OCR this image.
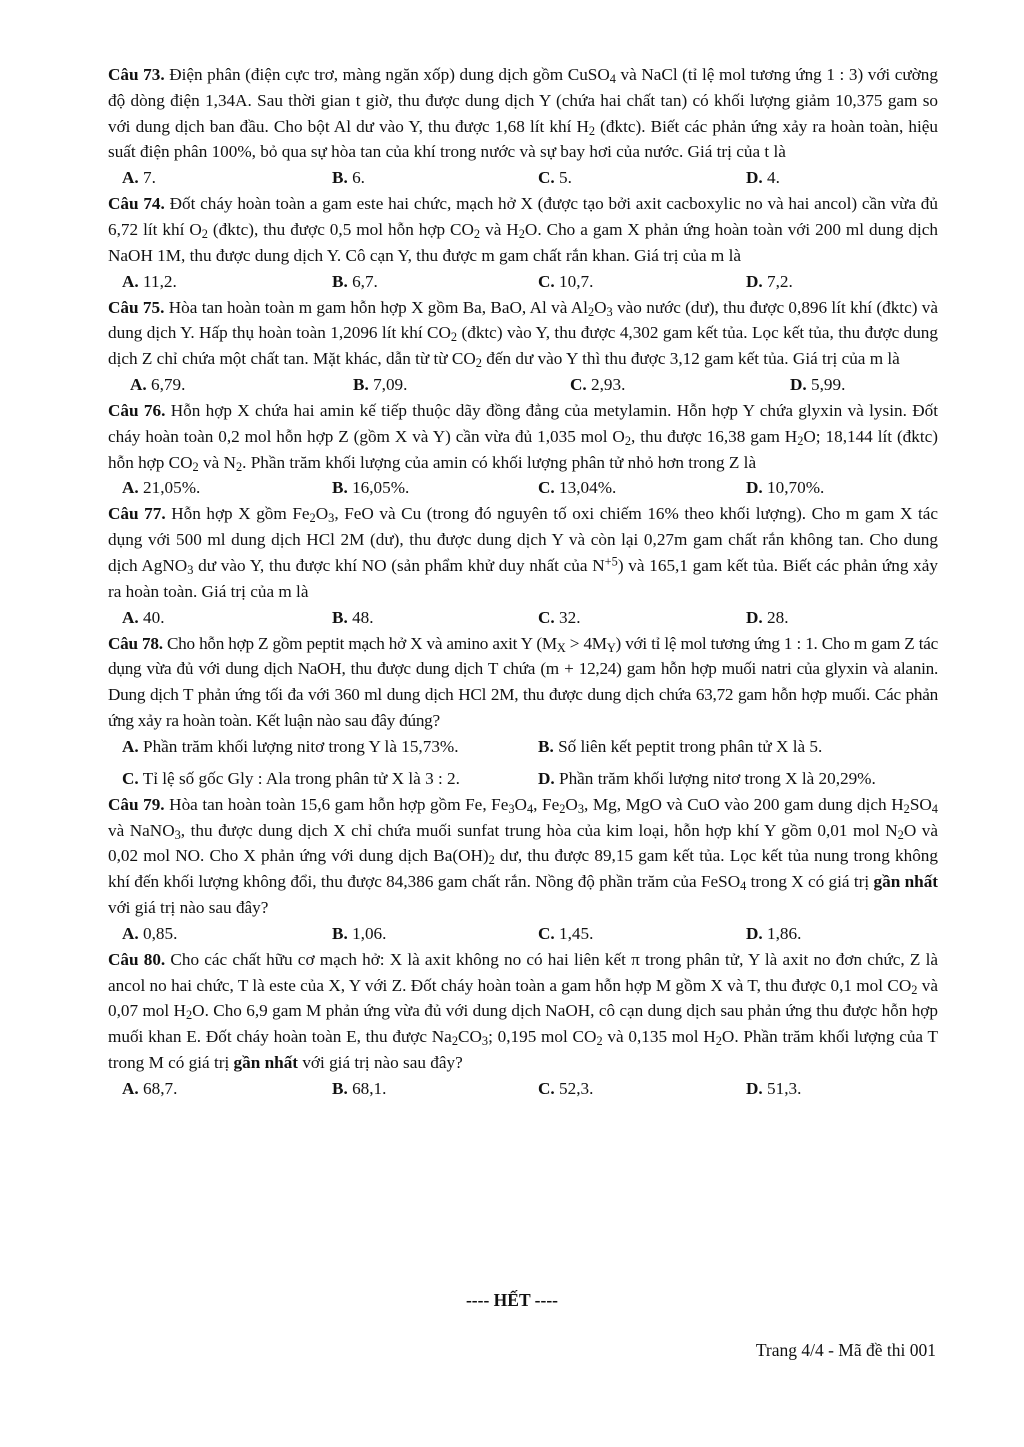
Câu 73. Điện phân (điện cực trơ, màng ngăn xốp) dung dịch gồm CuSO$_4$ và NaCl (tỉ lệ mol tương ứng 1 : 3) với cường độ dòng điện 1,34A. Sau thời gian t giờ, thu được dung dịch Y (chứa hai chất tan) có khối lượng giảm 10,375 gam so với dung dịch ban đầu. Cho bột Al dư vào Y, thu được 1,68 lít khí $H_2$ (đktc). Biết các phản ứng xảy ra hoàn toàn, hiệu suất điện phân 100%, bỏ qua sự hòa tan của khí trong nước và sự bay hơi của nước. Giá trị của t là

A. 7.	B. 6.	C. 5.	D. 4.

Câu 74. Đốt cháy hoàn toàn a gam este hai chức, mạch hở X (được tạo bởi axit cacboxylic no và hai ancol) cần vừa đủ 6,72 lít khí $O_2$ (đktc), thu được 0,5 mol hỗn hợp $CO_2$ và $H_2O$. Cho a gam X phản ứng hoàn toàn với 200 ml dung dịch NaOH 1M, thu được dung dịch Y. Cô cạn Y, thu được m gam chất rắn khan. Giá trị của m là

A. 11,2.	B. 6,7.	C. 10,7.	D. 7,2.

Câu 75. Hòa tan hoàn toàn m gam hỗn hợp X gồm Ba, BaO, Al và $Al_2O_3$ vào nước (dư), thu được 0,896 lít khí (đktc) và dung dịch Y. Hấp thụ hoàn toàn 1,2096 lít khí $CO_2$ (đktc) vào Y, thu được 4,302 gam kết tủa. Lọc kết tủa, thu được dung dịch Z chỉ chứa một chất tan. Mặt khác, dẫn từ từ $CO_2$ đến dư vào Y thì thu được 3,12 gam kết tủa. Giá trị của m là

A. 6,79.	B. 7,09.	C. 2,93.	D. 5,99.

Câu 76. Hỗn hợp X chứa hai amin kế tiếp thuộc dãy đồng đẳng của metylamin. Hỗn hợp Y chứa glyxin và lysin. Đốt cháy hoàn toàn 0,2 mol hỗn hợp Z (gồm X và Y) cần vừa đủ 1,035 mol $O_2$, thu được 16,38 gam $H_2O$; 18,144 lít (đktc) hỗn hợp $CO_2$ và $N_2$. Phần trăm khối lượng của amin có khối lượng phân tử nhỏ hơn trong Z là

A. 21,05%.	B. 16,05%.	C. 13,04%.	D. 10,70%.

Câu 77. Hỗn hợp X gồm $Fe_2O_3$, FeO và Cu (trong đó nguyên tố oxi chiếm 16% theo khối lượng). Cho m gam X tác dụng với 500 ml dung dịch HCl 2M (dư), thu được dung dịch Y và còn lại 0,27m gam chất rắn không tan. Cho dung dịch AgNO$_3$ dư vào Y, thu được khí NO (sản phẩm khử duy nhất của $N^{+5}$) và 165,1 gam kết tủa. Biết các phản ứng xảy ra hoàn toàn. Giá trị của m là

A. 40.	B. 48.	C. 32.	D. 28.

Câu 78. Cho hỗn hợp Z gồm peptit mạch hở X và amino axit Y $(M_X > 4M_Y)$ với tỉ lệ mol tương ứng 1 : 1. Cho m gam Z tác dụng vừa đủ với dung dịch NaOH, thu được dung dịch T chứa (m + 12,24) gam hỗn hợp muối natri của glyxin và alanin. Dung dịch T phản ứng tối đa với 360 ml dung dịch HCl 2M, thu được dung dịch chứa 63,72 gam hỗn hợp muối. Các phản ứng xảy ra hoàn toàn. Kết luận nào sau đây đúng?

A. Phần trăm khối lượng nitơ trong Y là 15,73%.	B. Số liên kết peptit trong phân tử X là 5.
C. Tỉ lệ số gốc Gly : Ala trong phân tử X là 3 : 2.	D. Phần trăm khối lượng nitơ trong X là 20,29%.

Câu 79. Hòa tan hoàn toàn 15,6 gam hỗn hợp gồm Fe, $Fe_3O_4$, $Fe_2O_3$, Mg, MgO và CuO vào 200 gam dung dịch $H_2SO_4$ và NaNO$_3$, thu được dung dịch X chỉ chứa muối sunfat trung hòa của kim loại, hỗn hợp khí Y gồm 0,01 mol $N_2O$ và 0,02 mol NO. Cho X phản ứng với dung dịch $Ba(OH)_2$ dư, thu được 89,15 gam kết tủa. Lọc kết tủa nung trong không khí đến khối lượng không đổi, thu được 84,386 gam chất rắn. Nồng độ phần trăm của FeSO$_4$ trong X có giá trị gần nhất với giá trị nào sau đây?

A. 0,85.	B. 1,06.	C. 1,45.	D. 1,86.

Câu 80. Cho các chất hữu cơ mạch hở: X là axit không no có hai liên kết π trong phân tử, Y là axit no đơn chức, Z là ancol no hai chức, T là este của X, Y với Z. Đốt cháy hoàn toàn a gam hỗn hợp M gồm X và T, thu được 0,1 mol $CO_2$ và 0,07 mol $H_2O$. Cho 6,9 gam M phản ứng vừa đủ với dung dịch NaOH, cô cạn dung dịch sau phản ứng thu được hỗn hợp muối khan E. Đốt cháy hoàn toàn E, thu được $Na_2CO_3$; 0,195 mol $CO_2$ và 0,135 mol $H_2O$. Phần trăm khối lượng của T trong M có giá trị gần nhất với giá trị nào sau đây?

A. 68,7.	B. 68,1.	C. 52,3.	D. 51,3.
---- HẾT ----
Trang 4/4 - Mã đề thi 001
